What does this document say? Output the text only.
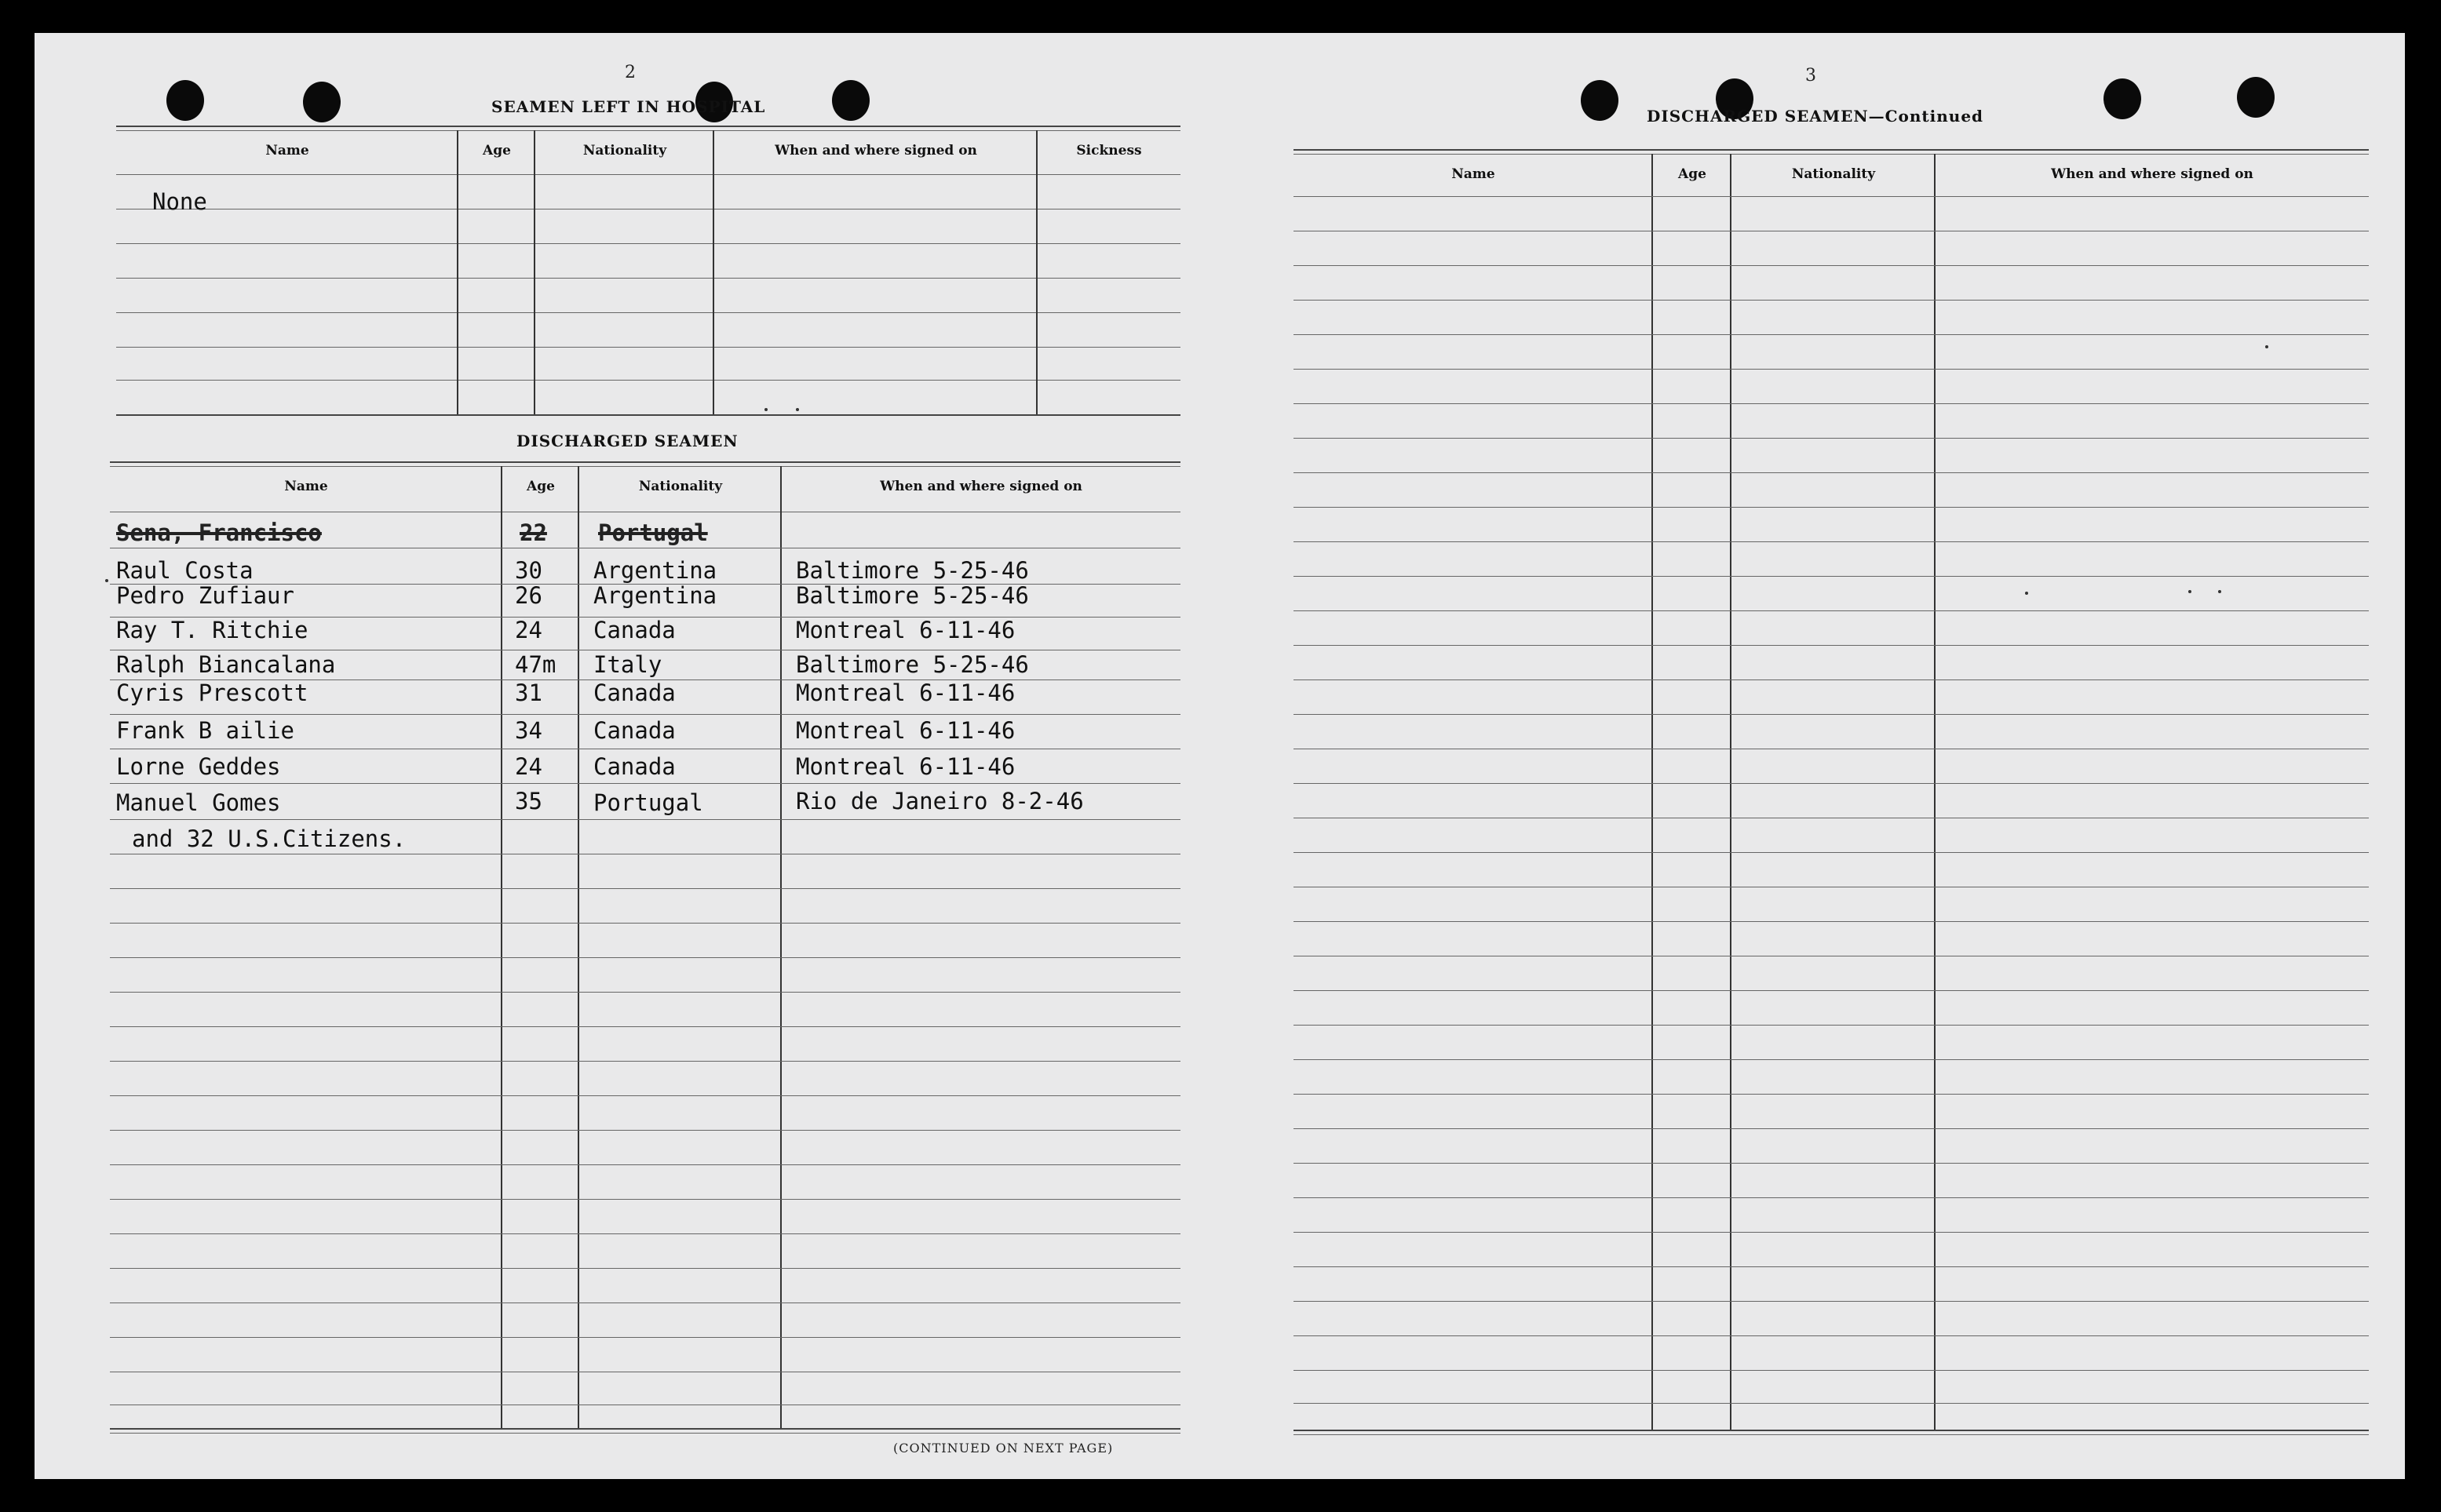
2
SEAMEN LEFT IN HOSPITAL
Name	Age	Nationality	When and where signed on	Sickness
None
DISCHARGED SEAMEN
Name	Age	Nationality	When and where signed on
Sena, Francisco	22 Portugal
Raul Costa	30 Argentina	Baltimore 5-25-46
Pedro Zufiaur	26 Argentina	Baltimore 5-25-46
Ray T. Ritchie	24 Canada	Montreal 6-11-46
Ralph Biancalana	47m Italy	Baltimore 5-25-46
Cyris Prescott	31 Canada	Montreal 6-11-46
Frank B ailie	34 Canada	Montreal 6-11-46
Lorne Geddes	24 Canada	Montreal 6-11-46
Manuel Gomes	35 Portugal	Rio de Janeiro 8-2-46
and 32 U.S.Citizens.
(CONTINUED ON NEXT PAGE)
3
DISCHARGED SEAMEN—Continued
Name	Age	Nationality	When and where signed on
